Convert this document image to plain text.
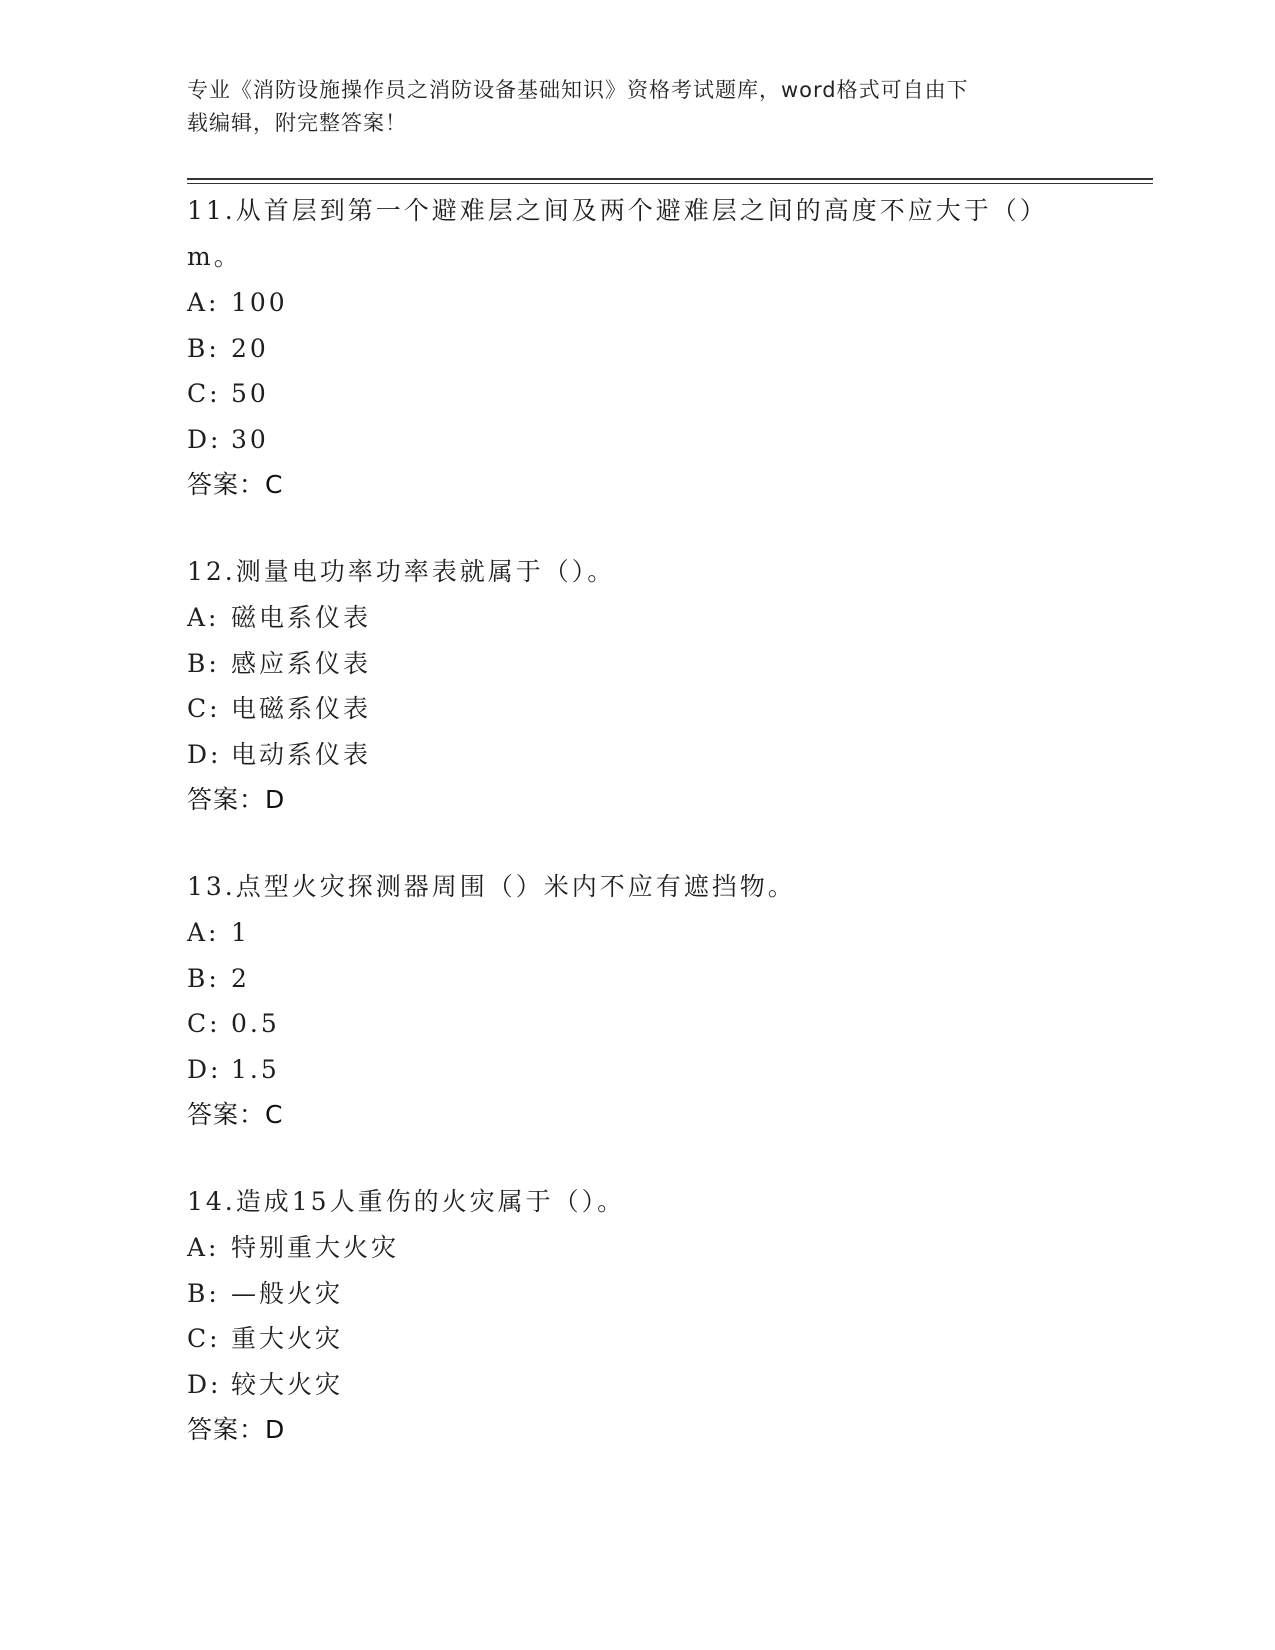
专业《消防设施操作员之消防设备基础知识》资格考试题库，word格式可自由下
载编辑，附完整答案！
11.从首层到第一个避难层之间及两个避难层之间的高度不应大于（）
m。
A: 100
B: 20
C: 50
D: 30
答案：C
12.测量电功率功率表就属于（）。
A: 磁电系仪表
B: 感应系仪表
C: 电磁系仪表
D: 电动系仪表
答案：D
13.点型火灾探测器周围（）米内不应有遮挡物。
A: 1
B: 2
C: 0.5
D: 1.5
答案：C
14.造成15人重伤的火灾属于（）。
A: 特别重大火灾
B: —般火灾
C: 重大火灾
D: 较大火灾
答案：D
